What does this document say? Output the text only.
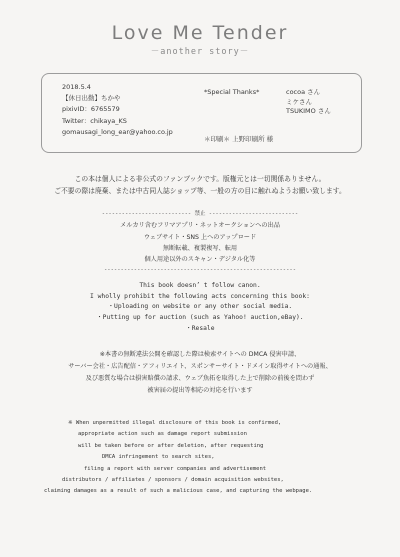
Love Me Tender
－another story－
2018.5.4
【休日出勤】ちかや
pixivID：6765579
Twitter：chikaya_KS
gomausagi_long_ear@yahoo.co.jp
*Special Thanks*	cocoa さん
ミケさん
TSUKIMO さん
＊印刷＊ 上野印刷所 様
この本は個人による非公式のファンブックです。版権元とは一切関係ありません。
ご不要の際は廃棄、または中古同人誌ショップ等、一般の方の目に触れぬようお願い致します。
--------------------------- 禁止 ---------------------------
メルカリ含むフリマアプリ・ネットオークションへの出品
ウェブサイト・SNS 上へのアップロード
無断転載、複製複写、転用
個人用途以外のスキャン・デジタル化等
----------------------------------------------------------
This book doesn’ t follow canon.
I wholly prohibit the following acts concerning this book:
・Uploading on website or any other social media.
・Putting up for auction (such as Yahoo! auction,eBay).
・Resale
※本書の無断違法公開を確認した際は検索サイトへの DMCA 侵害申請、
サーバー会社・広告配信・アフィリエイト、スポンサーサイト・ドメイン取得サイトへの通報、
及び悪質な場合は損害賠償の請求、ウェブ魚拓を取得した上で削除の前後を問わず
被害届の提出等相応の対応を行います
※ When unpermitted illegal disclosure of this book is confirmed,
appropriate action such as damage report submission
will be taken before or after deletion, after requesting
DMCA infringement to search sites,
filing a report with server companies and advertisement
distributors / affiliates / sponsors / domain acquisition websites,
claiming damages as a result of such a malicious case, and capturing the webpage.
